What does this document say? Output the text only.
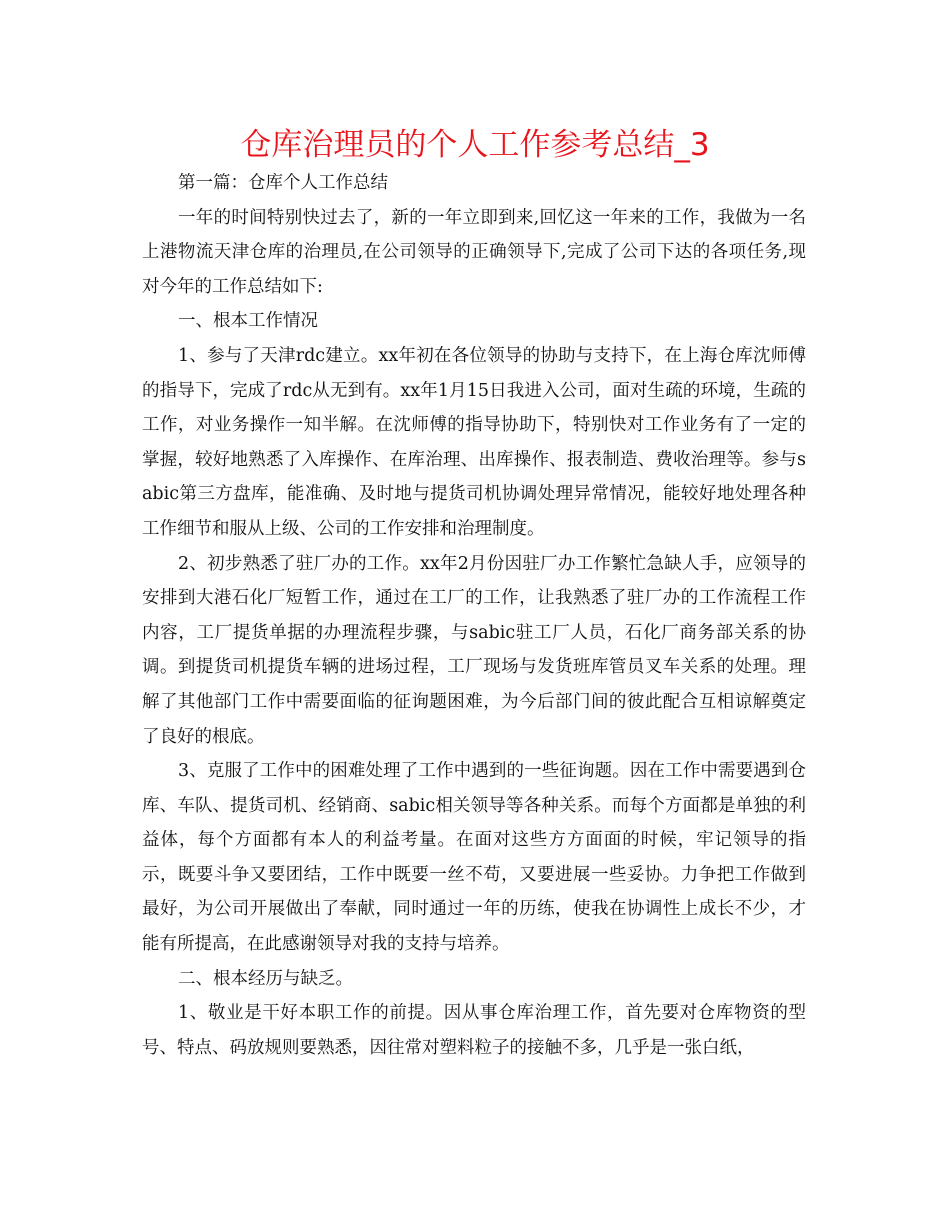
仓库治理员的个人工作参考总结_3

第一篇：仓库个人工作总结

一年的时间特别快过去了，新的一年立即到来,回忆这一年来的工作，我做为一名上港物流天津仓库的治理员,在公司领导的正确领导下,完成了公司下达的各项任务,现对今年的工作总结如下:

一、根本工作情况

1、参与了天津rdc建立。xx年初在各位领导的协助与支持下，在上海仓库沈师傅的指导下，完成了rdc从无到有。xx年1月15日我进入公司，面对生疏的环境，生疏的工作，对业务操作一知半解。在沈师傅的指导协助下，特别快对工作业务有了一定的掌握，较好地熟悉了入库操作、在库治理、出库操作、报表制造、费收治理等。参与sabic第三方盘库，能准确、及时地与提货司机协调处理异常情况，能较好地处理各种工作细节和服从上级、公司的工作安排和治理制度。

2、初步熟悉了驻厂办的工作。xx年2月份因驻厂办工作繁忙急缺人手，应领导的安排到大港石化厂短暂工作，通过在工厂的工作，让我熟悉了驻厂办的工作流程工作内容，工厂提货单据的办理流程步骤，与sabic驻工厂人员，石化厂商务部关系的协调。到提货司机提货车辆的进场过程，工厂现场与发货班库管员叉车关系的处理。理解了其他部门工作中需要面临的征询题困难，为今后部门间的彼此配合互相谅解奠定了良好的根底。

3、克服了工作中的困难处理了工作中遇到的一些征询题。因在工作中需要遇到仓库、车队、提货司机、经销商、sabic相关领导等各种关系。而每个方面都是单独的利益体，每个方面都有本人的利益考量。在面对这些方方面面的时候，牢记领导的指示，既要斗争又要团结，工作中既要一丝不苟，又要进展一些妥协。力争把工作做到最好，为公司开展做出了奉献，同时通过一年的历练，使我在协调性上成长不少，才能有所提高，在此感谢领导对我的支持与培养。

二、根本经历与缺乏。

1、敬业是干好本职工作的前提。因从事仓库治理工作，首先要对仓库物资的型号、特点、码放规则要熟悉，因往常对塑料粒子的接触不多，几乎是一张白纸，
